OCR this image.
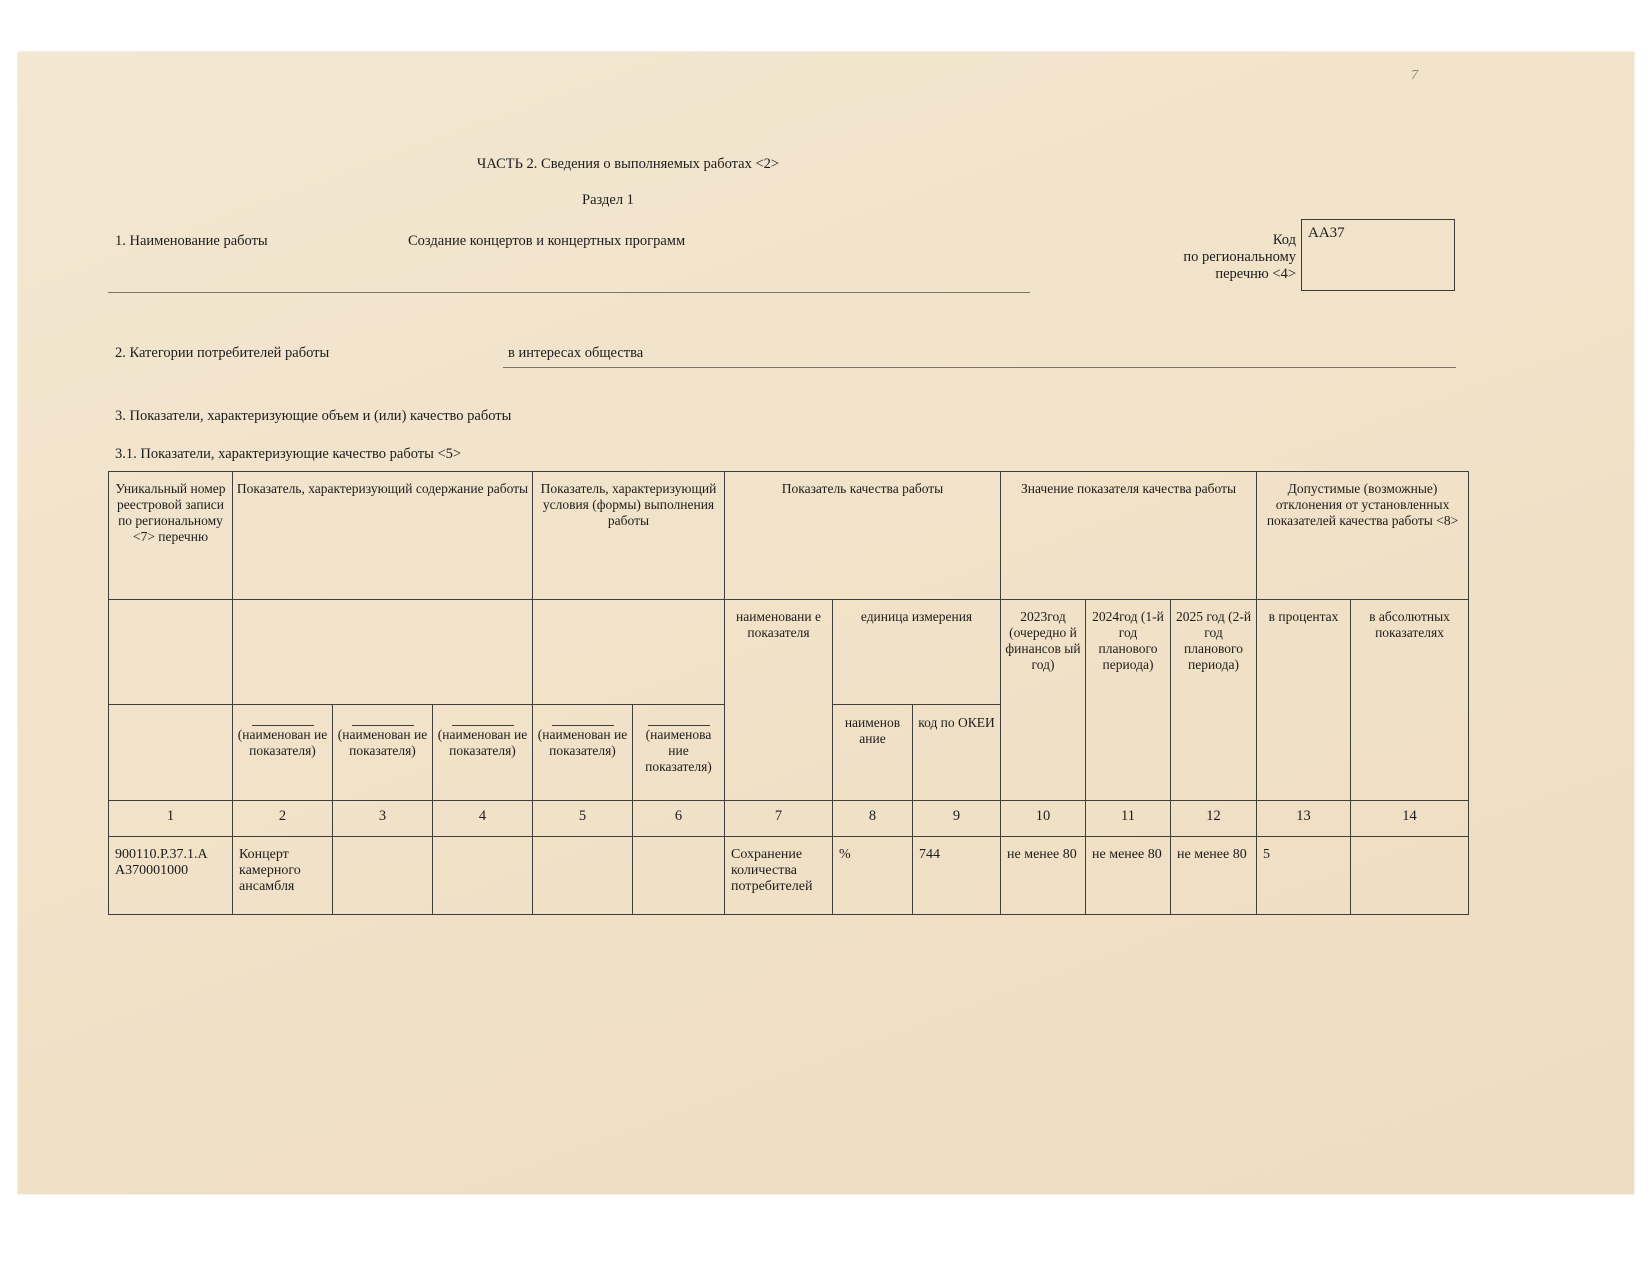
7
ЧАСТЬ 2. Сведения о выполняемых работах <2>
Раздел 1
1. Наименование работы	Создание концертов и концертных программ	Код
по региональному
перечню <4>
АА37
2. Категории потребителей работы	в интересах общества
3. Показатели, характеризующие объем и (или) качество работы
3.1. Показатели, характеризующие качество работы <5>
Уникальный номер реестровой записи по региональному <7> перечню	Показатель, характеризующий содержание работы			Показатель, характеризующий условия (формы) выполнения работы		Показатель качества работы			Значение показателя качества работы			Допустимые (возможные) отклонения от установленных показателей качества работы <8>	
						наименовани е показателя	единица измерения		2023год (очередно й финансов ый год)	2024год (1-й год планового периода)	2025 год (2-й год планового периода)	в процентах	в абсолютных показателях

(наименован ие показателя)	(наименован ие показателя)	(наименован ие показателя)	(наименован ие показателя)	(наименова ние показателя)		наименов ание	код по ОКЕИ					
1	2	3	4	5	6	7	8	9	10	11	12	13	14
900110.Р.37.1.А А370001000	Концерт камерного ансамбля					Сохранение количества потребителей	%	744	не менее 80	не менее 80	не менее 80	5	
